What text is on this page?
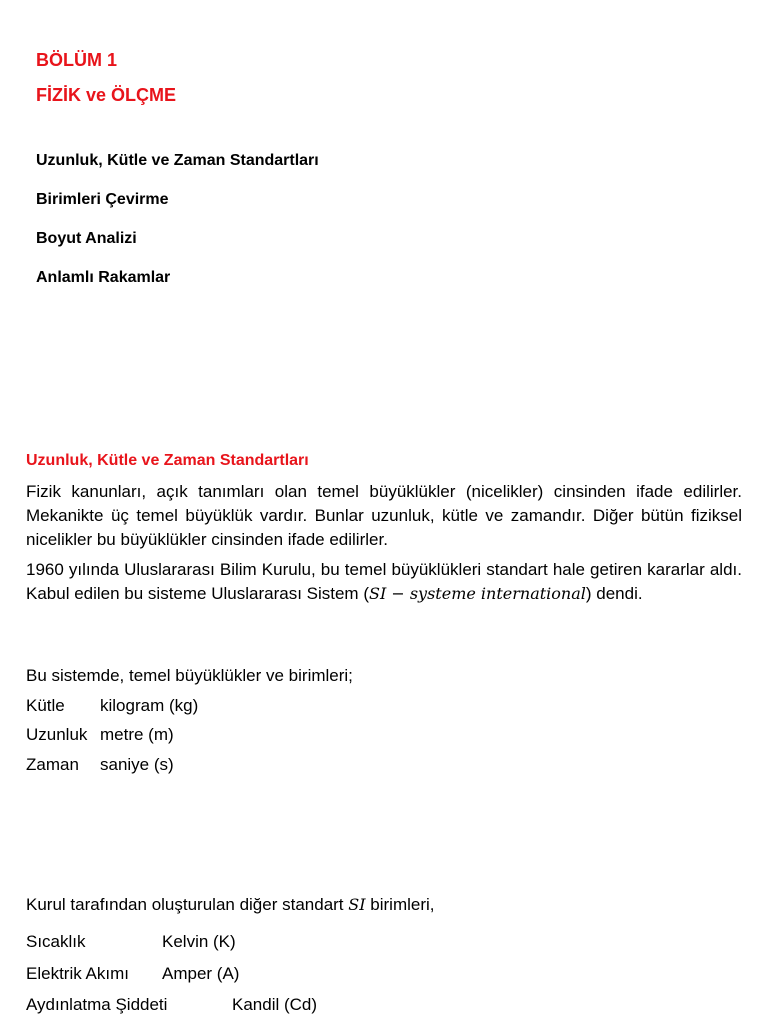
BÖLÜM 1
FİZİK ve ÖLÇME
Uzunluk, Kütle ve Zaman Standartları
Birimleri Çevirme
Boyut Analizi
Anlamlı Rakamlar
Uzunluk, Kütle ve Zaman Standartları
Fizik kanunları, açık tanımları olan temel büyüklükler (nicelikler) cinsinden ifade edilirler. Mekanikte üç temel büyüklük vardır. Bunlar uzunluk, kütle ve zamandır. Diğer bütün fiziksel nicelikler bu büyüklükler cinsinden ifade edilirler.
1960 yılında Uluslararası Bilim Kurulu, bu temel büyüklükleri standart hale getiren kararlar aldı. Kabul edilen bu sisteme Uluslararası Sistem (SI − systeme international) dendi.
Bu sistemde, temel büyüklükler ve birimleri;
Kütle kilogram (kg)
Uzunluk metre (m)
Zaman saniye (s)
Kurul tarafından oluşturulan diğer standart SI birimleri,
Sıcaklık	Kelvin (K)
Elektrik Akımı Amper (A)
Aydınlatma Şiddeti	Kandil (Cd)
